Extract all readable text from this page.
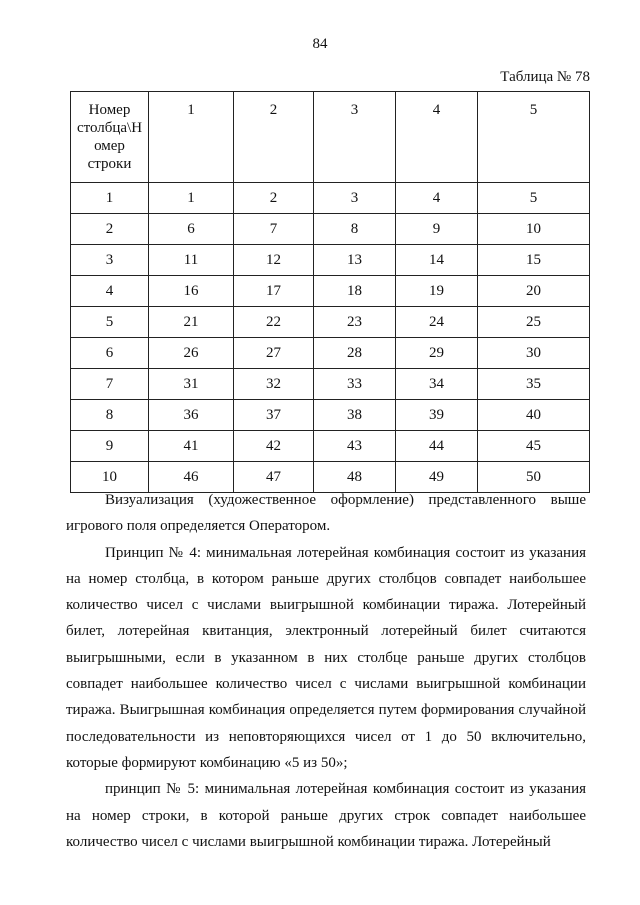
84
Таблица № 78
Номер столбца\Н омер строки	1	2	3	4	5
1	1	2	3	4	5
2	6	7	8	9	10
3	11	12	13	14	15
4	16	17	18	19	20
5	21	22	23	24	25
6	26	27	28	29	30
7	31	32	33	34	35
8	36	37	38	39	40
9	41	42	43	44	45
10	46	47	48	49	50

Визуализация (художественное оформление) представленного выше игрового поля определяется Оператором.

Принцип № 4: минимальная лотерейная комбинация состоит из указания на номер столбца, в котором раньше других столбцов совпадет наибольшее количество чисел с числами выигрышной комбинации тиража. Лотерейный билет, лотерейная квитанция, электронный лотерейный билет считаются выигрышными, если в указанном в них столбце раньше других столбцов совпадет наибольшее количество чисел с числами выигрышной комбинации тиража. Выигрышная комбинация определяется путем формирования случайной последовательности из неповторяющихся чисел от 1 до 50 включительно, которые формируют комбинацию «5 из 50»;

принцип № 5: минимальная лотерейная комбинация состоит из указания на номер строки, в которой раньше других строк совпадет наибольшее количество чисел с числами выигрышной комбинации тиража. Лотерейный
